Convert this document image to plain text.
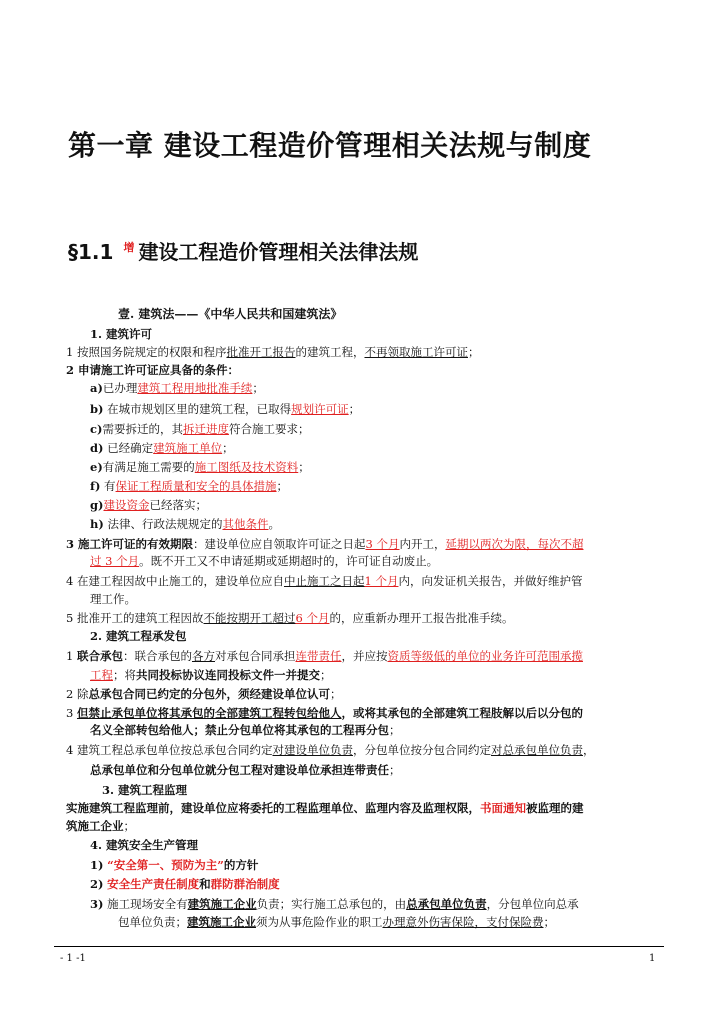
第一章 建设工程造价管理相关法规与制度
§1.1 $^增$ 建设工程造价管理相关法律法规
壹. 建筑法——《中华人民共和国建筑法》
1. 建筑许可
1 按照国务院规定的权限和程序批准开工报告的建筑工程，不再领取施工许可证；
2 申请施工许可证应具备的条件：
a)已办理建筑工程用地批准手续；
b) 在城市规划区里的建筑工程，已取得规划许可证；
c)需要拆迁的，其拆迁进度符合施工要求；
d) 已经确定建筑施工单位；
e)有满足施工需要的施工图纸及技术资料；
f) 有保证工程质量和安全的具体措施；
g)建设资金已经落实；
h) 法律、行政法规规定的其他条件。
3 施工许可证的有效期限：建设单位应自领取许可证之日起3 个月内开工，延期以两次为限，每次不超
过 3 个月。既不开工又不申请延期或延期超时的，许可证自动废止。
4 在建工程因故中止施工的，建设单位应自中止施工之日起1 个月内，向发证机关报告，并做好维护管
理工作。
5 批准开工的建筑工程因故不能按期开工超过6 个月的，应重新办理开工报告批准手续。
2. 建筑工程承发包
1 联合承包：联合承包的各方对承包合同承担连带责任，并应按资质等级低的单位的业务许可范围承揽
工程；将共同投标协议连同投标文件一并提交；
2 除总承包合同已约定的分包外，须经建设单位认可；
3 但禁止承包单位将其承包的全部建筑工程转包给他人，或将其承包的全部建筑工程肢解以后以分包的
名义全部转包给他人；禁止分包单位将其承包的工程再分包；
4 建筑工程总承包单位按总承包合同约定对建设单位负责，分包单位按分包合同约定对总承包单位负责，
总承包单位和分包单位就分包工程对建设单位承担连带责任；
3. 建筑工程监理
实施建筑工程监理前，建设单位应将委托的工程监理单位、监理内容及监理权限，书面通知被监理的建
筑施工企业；
4. 建筑安全生产管理
1) “安全第一、预防为主”的方针
2) 安全生产责任制度和群防群治制度
3) 施工现场安全有建筑施工企业负责；实行施工总承包的，由总承包单位负责，分包单位向总承
包单位负责；建筑施工企业须为从事危险作业的职工办理意外伤害保险，支付保险费；
- 1 -1	1
